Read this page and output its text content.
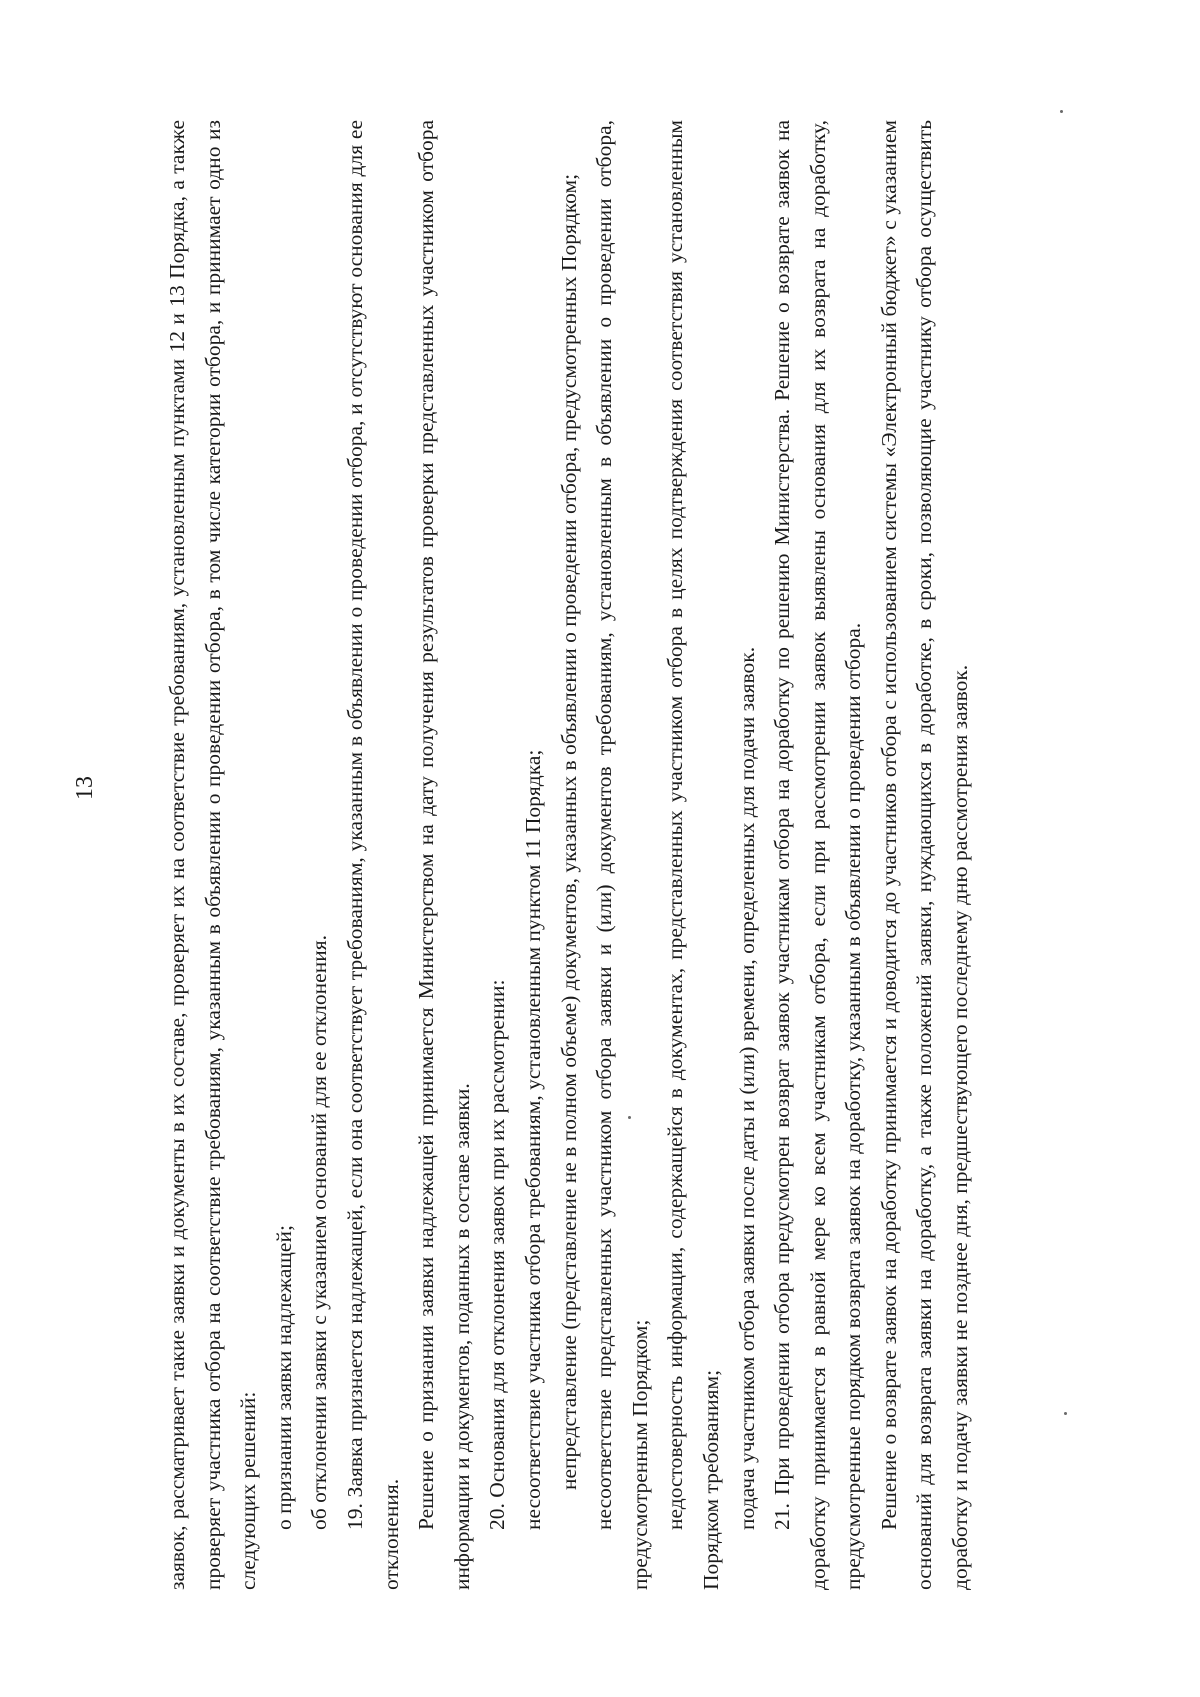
13	заявок, рассматривает такие заявки и документы в их составе, проверяет их на соответствие требованиям, установленным пунктами 12 и 13 Порядка, а также проверяет участника отбора на соответствие требованиям, указанным в объявлении о проведении отбора, в том числе категории отбора, и принимает одно из следующих решений: о признании заявки надлежащей; об отклонении заявки с указанием оснований для ее отклонения. 19. Заявка признается надлежащей, если она соответствует требованиям, указанным в объявлении о проведении отбора, и отсутствуют основания для ее отклонения.

Решение о признании заявки надлежащей принимается Министерством на дату получения результатов проверки представленных участником отбора информации и документов, поданных в составе заявки. 20. Основания для отклонения заявок при их рассмотрении: несоответствие участника отбора требованиям, установленным пунктом 11 Порядка; непредставление (представление не в полном объеме) документов, указанных в объявлении о проведении отбора, предусмотренных Порядком; несоответствие представленных участником отбора заявки и (или) документов требованиям, установленным в объявлении о проведении отбора, предусмотренным Порядком; недостоверность информации, содержащейся в документах, представленных участником отбора в целях подтверждения соответствия установленным Порядком требованиям; подача участником отбора заявки после даты и (или) времени, определенных для подачи заявок. 21. При проведении отбора предусмотрен возврат заявок участникам отбора на доработку по решению Министерства. Решение о возврате заявок на доработку принимается в равной мере ко всем участникам отбора, если при рассмотрении заявок выявлены основания для их возврата на доработку, предусмотренные порядком возврата заявок на доработку, указанным в объявлении о проведении отбора. Решение о возврате заявок на доработку принимается и доводится до участников отбора с использованием системы «Электронный бюджет» с указанием оснований для возврата заявки на доработку, а также положений заявки, нуждающихся в доработке, в сроки, позволяющие участнику отбора осуществить доработку и подачу заявки не позднее дня, предшествующего последнему дню рассмотрения заявок.
